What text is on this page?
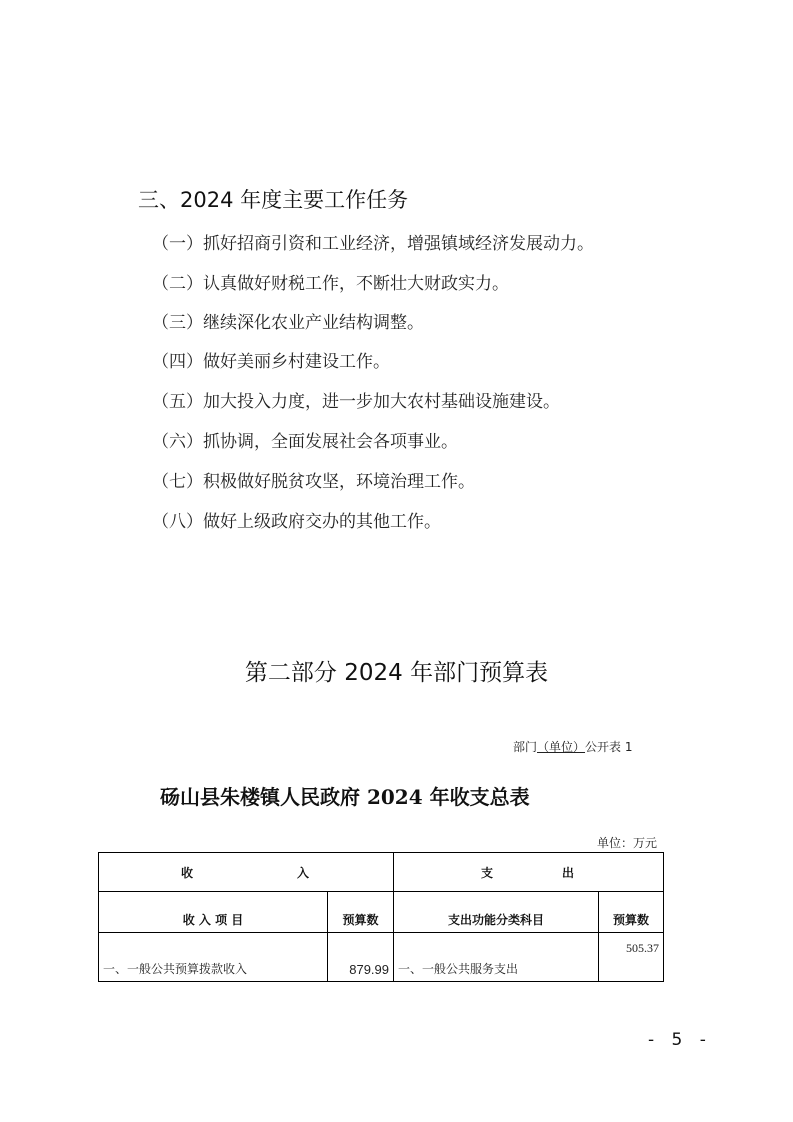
三、2024 年度主要工作任务
（一）抓好招商引资和工业经济，增强镇域经济发展动力。
（二）认真做好财税工作，不断壮大财政实力。
（三）继续深化农业产业结构调整。
（四）做好美丽乡村建设工作。
（五）加大投入力度，进一步加大农村基础设施建设。
（六）抓协调，全面发展社会各项事业。
（七）积极做好脱贫攻坚，环境治理工作。
（八）做好上级政府交办的其他工作。
第二部分 2024 年部门预算表
部门（单位）公开表 1
砀山县朱楼镇人民政府 2024 年收支总表
单位：万元
收入		支出	
收 入 项 目	预算数	支出功能分类科目	预算数
一、一般公共预算拨款收入	879.99	一、一般公共服务支出	505.37
- 5 -
